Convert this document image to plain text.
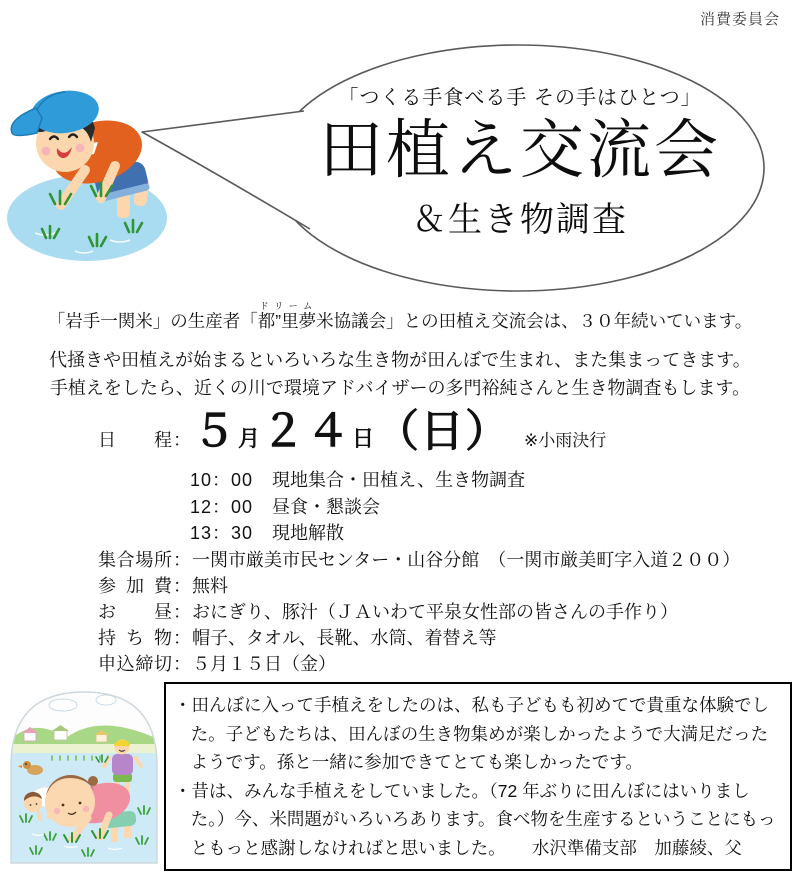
消費委員会
「つくる手食べる手 その手はひとつ」
田植え交流会
＆生き物調査

「岩手一関米」の生産者「都”里夢ドリーム米協議会」との田植え交流会は、３０年続いています。

代掻きや田植えが始まるといろいろな生き物が田んぼで生まれ、また集まってきます。

手植えをしたら、近くの川で環境アドバイザーの多門裕純さんと生き物調査もします。

日程 ： ５ 月 ２４ 日 （日） ※小雨決行
10：00 現地集合・田植え、生き物調査
12：00 昼食・懇談会
13：30 現地解散
集合場所 ： 一関市厳美市民センター・山谷分館　（一関市厳美町字入道２００）
参加費 ： 無料
お昼 ： おにぎり、豚汁（ＪＡいわて平泉女性部の皆さんの手作り）
持ち物 ： 帽子、タオル、長靴、水筒、着替え等
申込締切 ： ５月１５日（金）

・田んぼに入って手植えをしたのは、私も子どもも初めてで貴重な体験でした。子どもたちは、田んぼの生き物集めが楽しかったようで大満足だったようです。孫と一緒に参加できてとても楽しかったです。

・昔は、みんな手植えをしていました。（72 年ぶりに田んぼにはいりました。）今、米問題がいろいろあります。食べ物を生産するということにもっともっと感謝しなければと思いました。　　水沢準備支部　加藤綾、父
